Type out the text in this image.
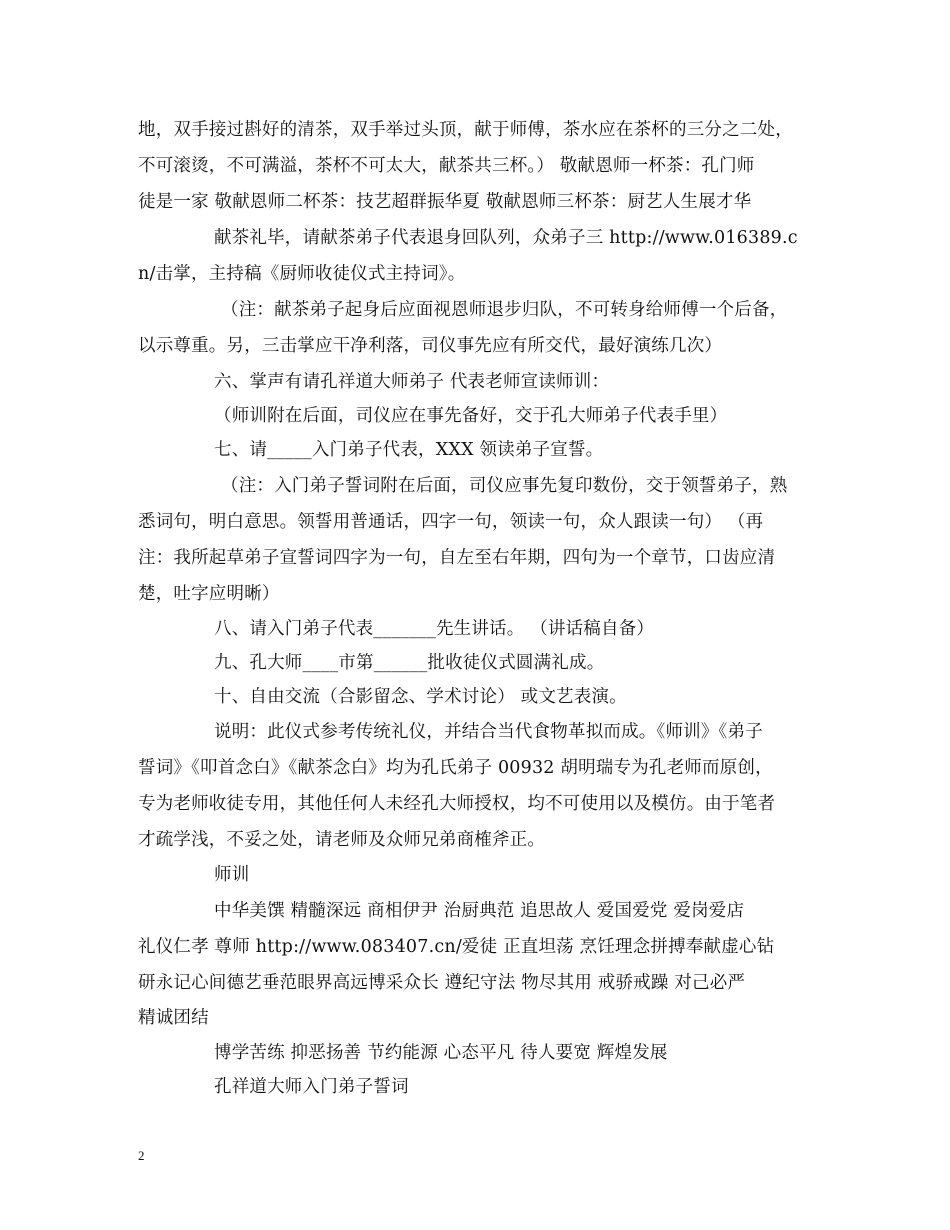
地，双手接过斟好的清茶，双手举过头顶，献于师傅，茶水应在茶杯的三分之二处，
不可滚烫，不可满溢，茶杯不可太大，献茶共三杯。） 敬献恩师一杯茶：孔门师
徒是一家 敬献恩师二杯茶：技艺超群振华夏 敬献恩师三杯茶：厨艺人生展才华
献茶礼毕，请献茶弟子代表退身回队列，众弟子三 http://www.016389.c
n/击掌，主持稿《厨师收徒仪式主持词》。
（注：献茶弟子起身后应面视恩师退步归队，不可转身给师傅一个后备，
以示尊重。另，三击掌应干净利落，司仪事先应有所交代，最好演练几次）
六、掌声有请孔祥道大师弟子 代表老师宣读师训：
（师训附在后面，司仪应在事先备好，交于孔大师弟子代表手里）
七、请_____入门弟子代表，XXX 领读弟子宣誓。
（注：入门弟子誓词附在后面，司仪应事先复印数份，交于领誓弟子，熟
悉词句，明白意思。领誓用普通话，四字一句，领读一句，众人跟读一句） （再
注：我所起草弟子宣誓词四字为一句，自左至右年期，四句为一个章节，口齿应清
楚，吐字应明晰）
八、请入门弟子代表_______先生讲话。 （讲话稿自备）
九、孔大师____市第______批收徒仪式圆满礼成。
十、自由交流（合影留念、学术讨论） 或文艺表演。
说明：此仪式参考传统礼仪，并结合当代食物革拟而成。《师训》《弟子
誓词》《叩首念白》《献茶念白》均为孔氏弟子 00932 胡明瑞专为孔老师而原创，
专为老师收徒专用，其他任何人未经孔大师授权，均不可使用以及模仿。由于笔者
才疏学浅，不妥之处，请老师及众师兄弟商榷斧正。
师训
中华美馔 精髓深远 商相伊尹 治厨典范 追思故人 爱国爱党 爱岗爱店
礼仪仁孝 尊师 http://www.083407.cn/爱徒 正直坦荡 烹饪理念拼搏奉献虚心钻
研永记心间德艺垂范眼界高远博采众长 遵纪守法 物尽其用 戒骄戒躁 对己必严
精诚团结
博学苦练 抑恶扬善 节约能源 心态平凡 待人要宽 辉煌发展
孔祥道大师入门弟子誓词
2
